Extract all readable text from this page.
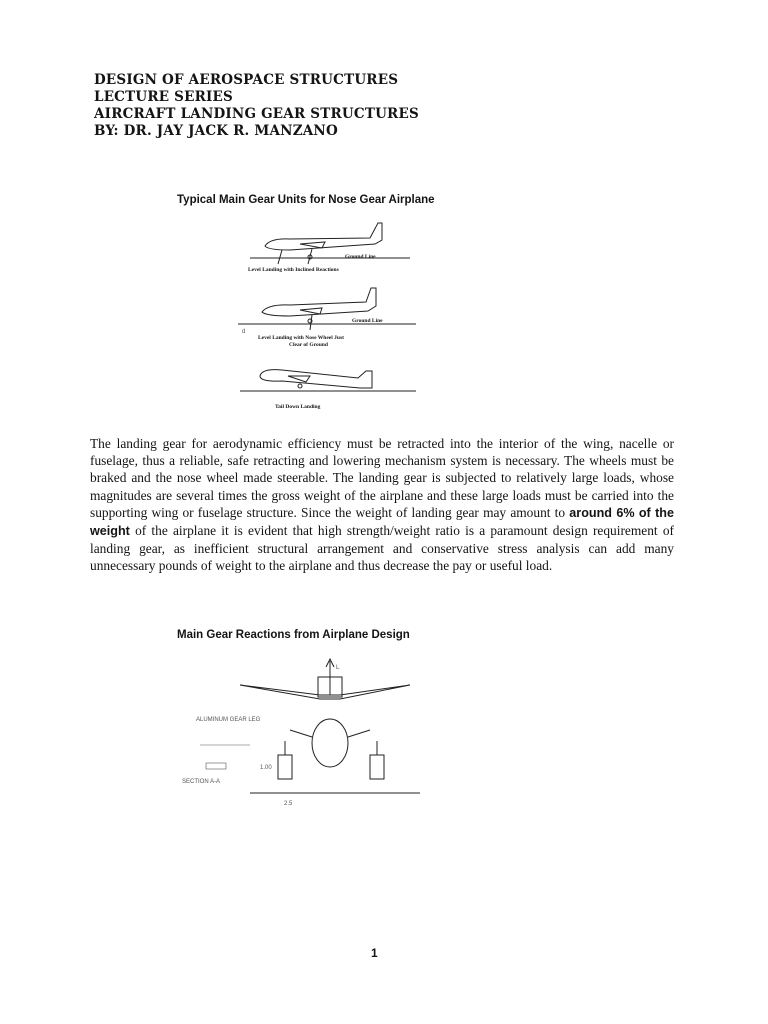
DESIGN OF AEROSPACE STRUCTURES
LECTURE SERIES
AIRCRAFT LANDING GEAR STRUCTURES
BY: DR. JAY JACK R. MANZANO
Typical Main Gear Units for Nose Gear Airplane
d
Ground Line
Level Landing with Inclined Reactions
Ground Line
Level Landing with Nose Wheel Just
Clear of Ground
Tail Down Landing

The landing gear for aerodynamic efficiency must be retracted into the interior of the wing, nacelle or fuselage, thus a reliable, safe retracting and lowering mechanism system is necessary. The wheels must be braked and the nose wheel made steerable. The landing gear is subjected to relatively large loads, whose magnitudes are several times the gross weight of the airplane and these large loads must be carried into the supporting wing or fuselage structure. Since the weight of landing gear may amount to around 6% of the weight of the airplane it is evident that high strength/weight ratio is a paramount design requirement of landing gear, as inefficient structural arrangement and conservative stress analysis can add many unnecessary pounds of weight to the airplane and thus decrease the pay or useful load.

Main Gear Reactions from Airplane Design
L
ALUMINUM GEAR LEG
1.00
SECTION A-A
2.5
1
